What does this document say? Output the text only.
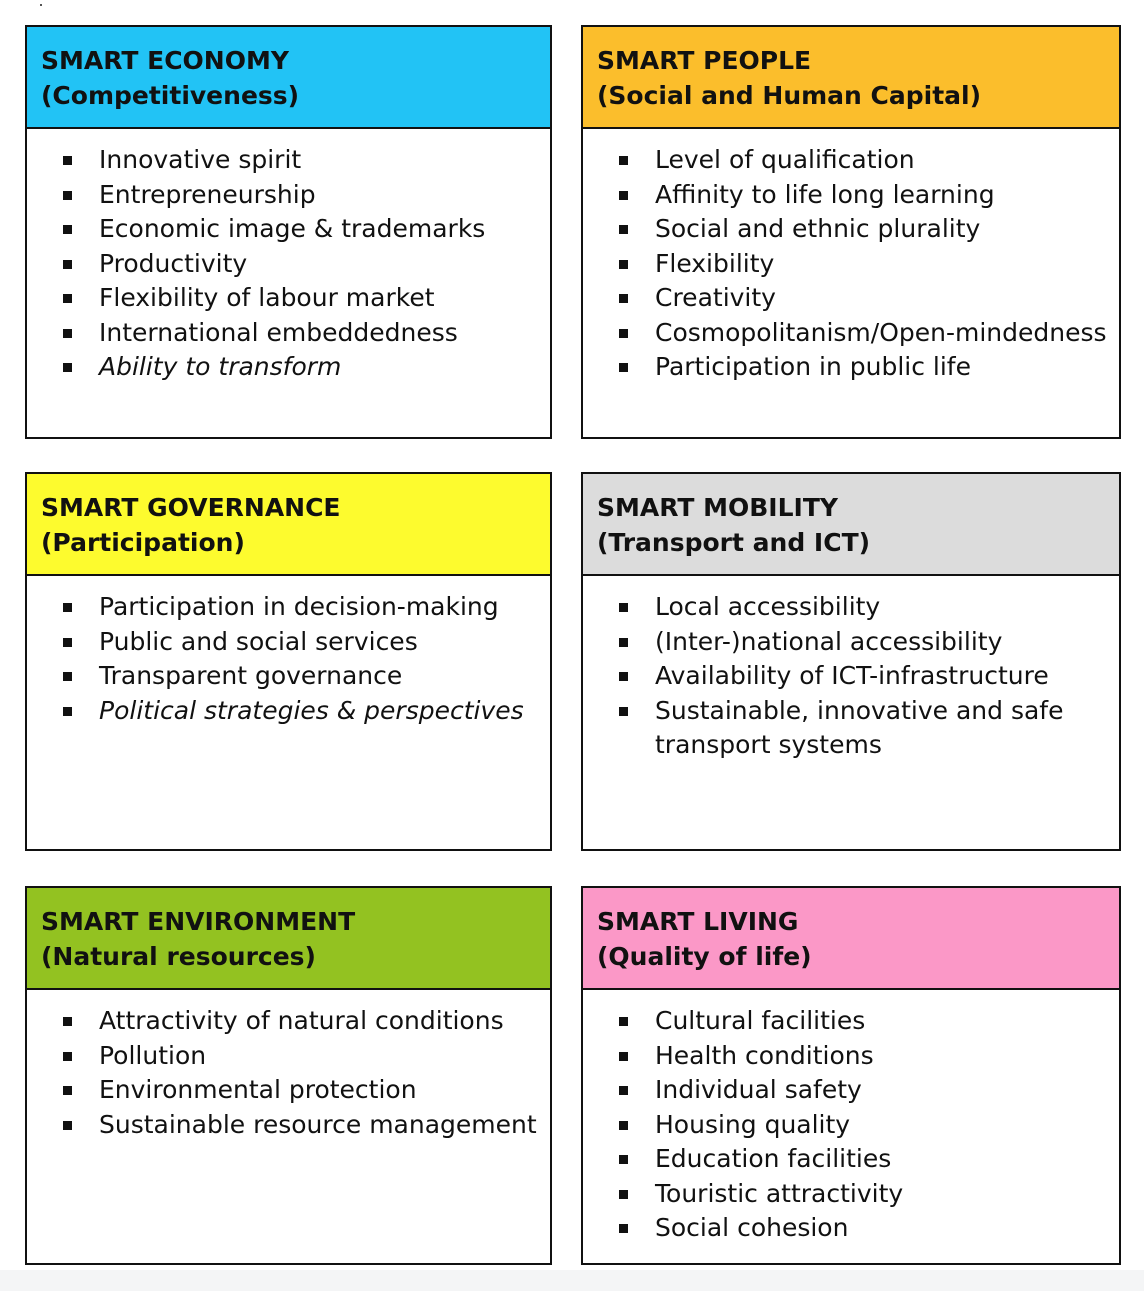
SMART ECONOMY
(Competitiveness)
Innovative spirit
Entrepreneurship
Economic image & trademarks
Productivity
Flexibility of labour market
International embeddedness
Ability to transform
SMART PEOPLE
(Social and Human Capital)
Level of qualification
Affinity to life long learning
Social and ethnic plurality
Flexibility
Creativity
Cosmopolitanism/Open-mindedness
Participation in public life
SMART GOVERNANCE
(Participation)
Participation in decision-making
Public and social services
Transparent governance
Political strategies & perspectives
SMART MOBILITY
(Transport and ICT)
Local accessibility
(Inter-)national accessibility
Availability of ICT-infrastructure
Sustainable, innovative and safe transport systems
SMART ENVIRONMENT
(Natural resources)
Attractivity of natural conditions
Pollution
Environmental protection
Sustainable resource management
SMART LIVING
(Quality of life)
Cultural facilities
Health conditions
Individual safety
Housing quality
Education facilities
Touristic attractivity
Social cohesion
